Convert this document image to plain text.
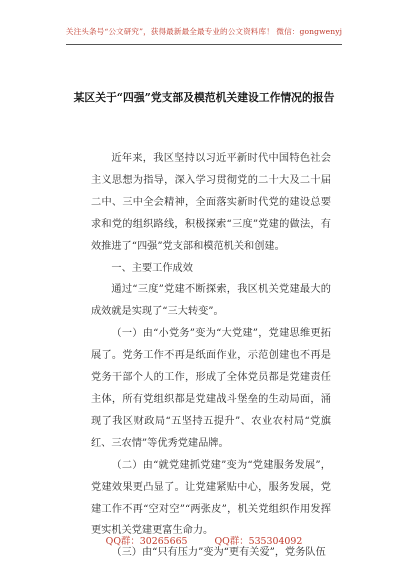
关注头条号“公文研究”，获得最新最全最专业的公文资料库！ 微信：gongwenyj
某区关于“四强”党支部及模范机关建设工作情况的报告

近年来，我区坚持以习近平新时代中国特色社会主义思想为指导，深入学习贯彻党的二十大及二十届二中、三中全会精神，全面落实新时代党的建设总要求和党的组织路线，积极探索“三度”党建的做法，有效推进了“四强”党支部和模范机关和创建。

一、主要工作成效

通过“三度”党建不断探索，我区机关党建最大的成效就是实现了“三大转变”。

（一）由“小党务”变为“大党建”，党建思维更拓展了。党务工作不再是纸面作业，示范创建也不再是党务干部个人的工作，形成了全体党员都是党建责任主体，所有党组织都是党建战斗堡垒的生动局面，涌现了我区财政局“五坚持五提升”、农业农村局“党旗红、三农情”等优秀党建品牌。

（二）由“就党建抓党建”变为“党建服务发展”，党建效果更凸显了。让党建紧贴中心，服务发展，党建工作不再“空对空”“两张皮”，机关党组织作用发挥更实机关党建更富生命力。

（三）由“只有压力”变为“更有关爱”，党务队伍

QQ群：30265665	QQ群：535304092
